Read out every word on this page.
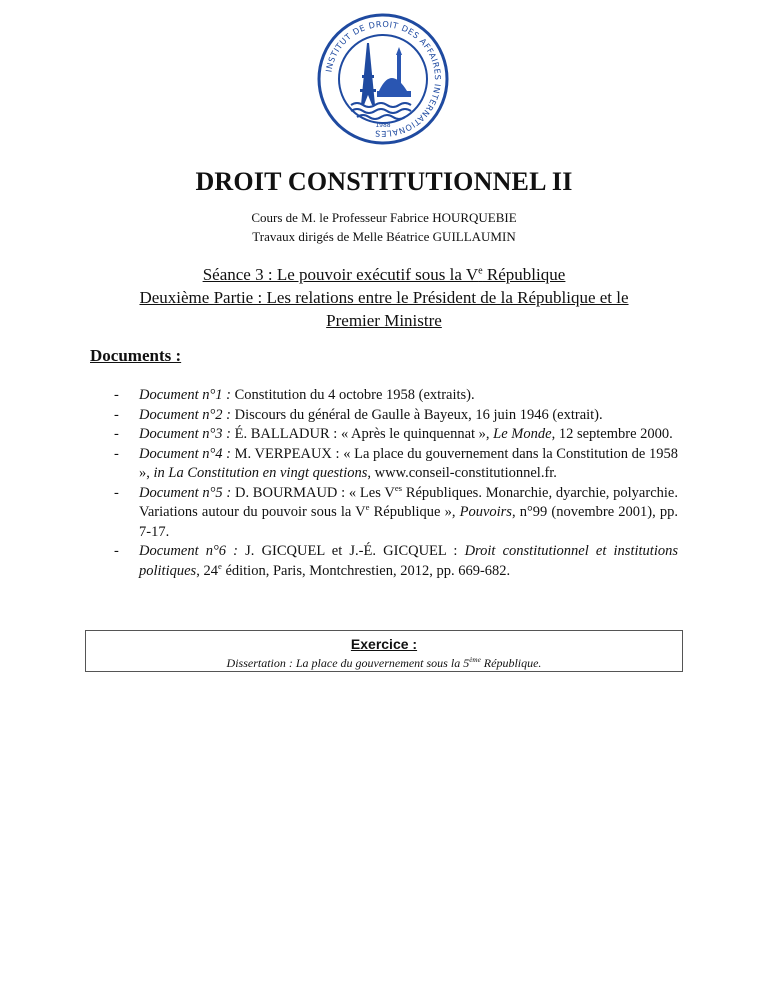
INSTITUT DE DROIT DES AFFAIRES INTERNATIONALES
1988
DROIT CONSTITUTIONNEL II
Cours de M. le Professeur Fabrice HOURQUEBIE
Travaux dirigés de Melle Béatrice GUILLAUMIN
Séance 3 : Le pouvoir exécutif sous la Ve République
Deuxième Partie : Les relations entre le Président de la République et le
Premier Ministre
Documents :
- Document n°1 : Constitution du 4 octobre 1958 (extraits).
- Document n°2 : Discours du général de Gaulle à Bayeux, 16 juin 1946 (extrait).
- Document n°3 : É. BALLADUR : « Après le quinquennat », Le Monde, 12 septembre 2000.
- Document n°4 : M. VERPEAUX : « La place du gouvernement dans la Constitution de 1958 », in La Constitution en vingt questions, www.conseil-constitutionnel.fr.
- Document n°5 : D. BOURMAUD : « Les $V^{es}$ Républiques. Monarchie, dyarchie, polyarchie. Variations autour du pouvoir sous la Ve République », Pouvoirs, n°99 (novembre 2001), pp. 7-17.
- Document n°6 : J. GICQUEL et J.-É. GICQUEL : Droit constitutionnel et institutions politiques, 24e édition, Paris, Montchrestien, 2012, pp. 669-682.
Exercice :
Dissertation : La place du gouvernement sous la 5ème République.
